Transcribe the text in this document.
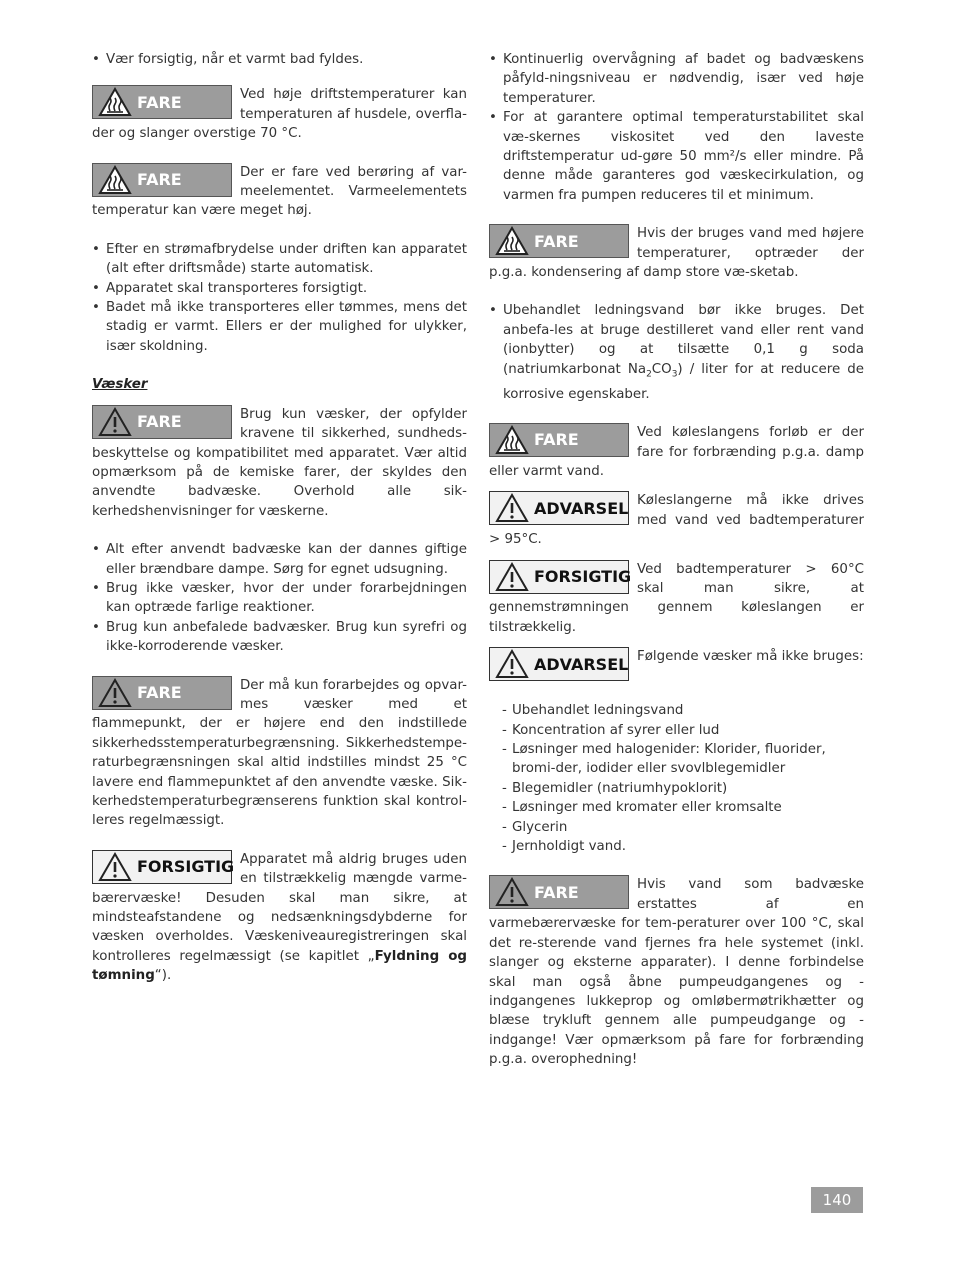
• Vær forsigtig, når et varmt bad fyldes.
FARE	Ved høje driftstemperaturer kan temperaturen af husdele, overfla-der og slanger overstige 70 °C.
FARE	Der er fare ved berøring af var-meelementet. Varmeelementets temperatur kan være meget høj.
• Efter en strømafbrydelse under driften kan apparatet (alt efter driftsmåde) starte automatisk.
• Apparatet skal transporteres forsigtigt.
• Badet må ikke transporteres eller tømmes, mens det stadig er varmt. Ellers er der mulighed for ulykker, især skoldning.
Væsker
FARE	Brug kun væsker, der opfylder kravene til sikkerhed, sundheds-beskyttelse og kompatibilitet med apparatet. Vær altid opmærksom på de kemiske farer, der skyldes den anvendte badvæske. Overhold alle sik-kerhedshenvisninger for væskerne.
• Alt efter anvendt badvæske kan der dannes giftige eller brændbare dampe. Sørg for egnet udsugning.
• Brug ikke væsker, hvor der under forarbejdningen kan optræde farlige reaktioner.
• Brug kun anbefalede badvæsker. Brug kun syrefri og ikke-korroderende væsker.
FARE	Der må kun forarbejdes og opvar-mes væsker med et flammepunkt, der er højere end den indstillede sikkerhedsstemperaturbegrænsning. Sikkerhedstempe-raturbegrænsningen skal altid indstilles mindst 25 °C lavere end flammepunktet af den anvendte væske. Sik-kerhedstemperaturbegrænserens funktion skal kontrol-leres regelmæssigt.
FORSIGTIG Apparatet må aldrig bruges uden en tilstrækkelig mængde varme-bærervæske! Desuden skal man sikre, at mindsteafstandene og nedsænkningsdybderne for væsken overholdes. Væskeniveauregistreringen skal kontrolleres regelmæssigt (se kapitlet „Fyldning og tømning“).
• Kontinuerlig overvågning af badet og badvæskens påfyld-ningsniveau er nødvendig, især ved høje temperaturer.
• For at garantere optimal temperaturstabilitet skal væ-skernes viskositet ved den laveste driftstemperatur ud-gøre 50 mm²/s eller mindre. På denne måde garanteres god væskecirkulation, og varmen fra pumpen reduceres til et minimum.
FARE	Hvis der bruges vand med højere temperaturer, optræder der p.g.a. kondensering af damp store væ-sketab.
• Ubehandlet ledningsvand bør ikke bruges. Det anbefa-les at bruge destilleret vand eller rent vand (ionbytter) og at tilsætte 0,1 g soda (natriumkarbonat $Na_2CO_3$) / liter for at reducere de korrosive egenskaber.
FARE	Ved køleslangens forløb er der fare for forbrænding p.g.a. damp eller varmt vand.
ADVARSEL Køleslangerne må ikke drives med vand ved badtemperaturer > 95°C.
FORSIGTIG Ved badtemperaturer > 60°C skal man sikre, at gennemstrømningen gennem køleslangen er tilstrækkelig.
ADVARSEL Følgende væsker må ikke bruges:
- Ubehandlet ledningsvand
- Koncentration af syrer eller lud
- Løsninger med halogenider: Klorider, fluorider, bromi-der, iodider eller svovlblegemidler
- Blegemidler (natriumhypoklorit)
- Løsninger med kromater eller kromsalte
- Glycerin
- Jernholdigt vand.
FARE	Hvis vand som badvæske erstattes af en varmebærervæske for tem-peraturer over 100 °C, skal det re-sterende vand fjernes fra hele systemet (inkl. slanger og eksterne apparater). I denne forbindelse skal man også åbne pumpeudgangenes og -indgangenes lukkeprop og omløbermøtrikhætter og blæse trykluft gennem alle pumpeudgange og -indgange! Vær opmærksom på fare for forbrænding p.g.a. overophedning!
140
